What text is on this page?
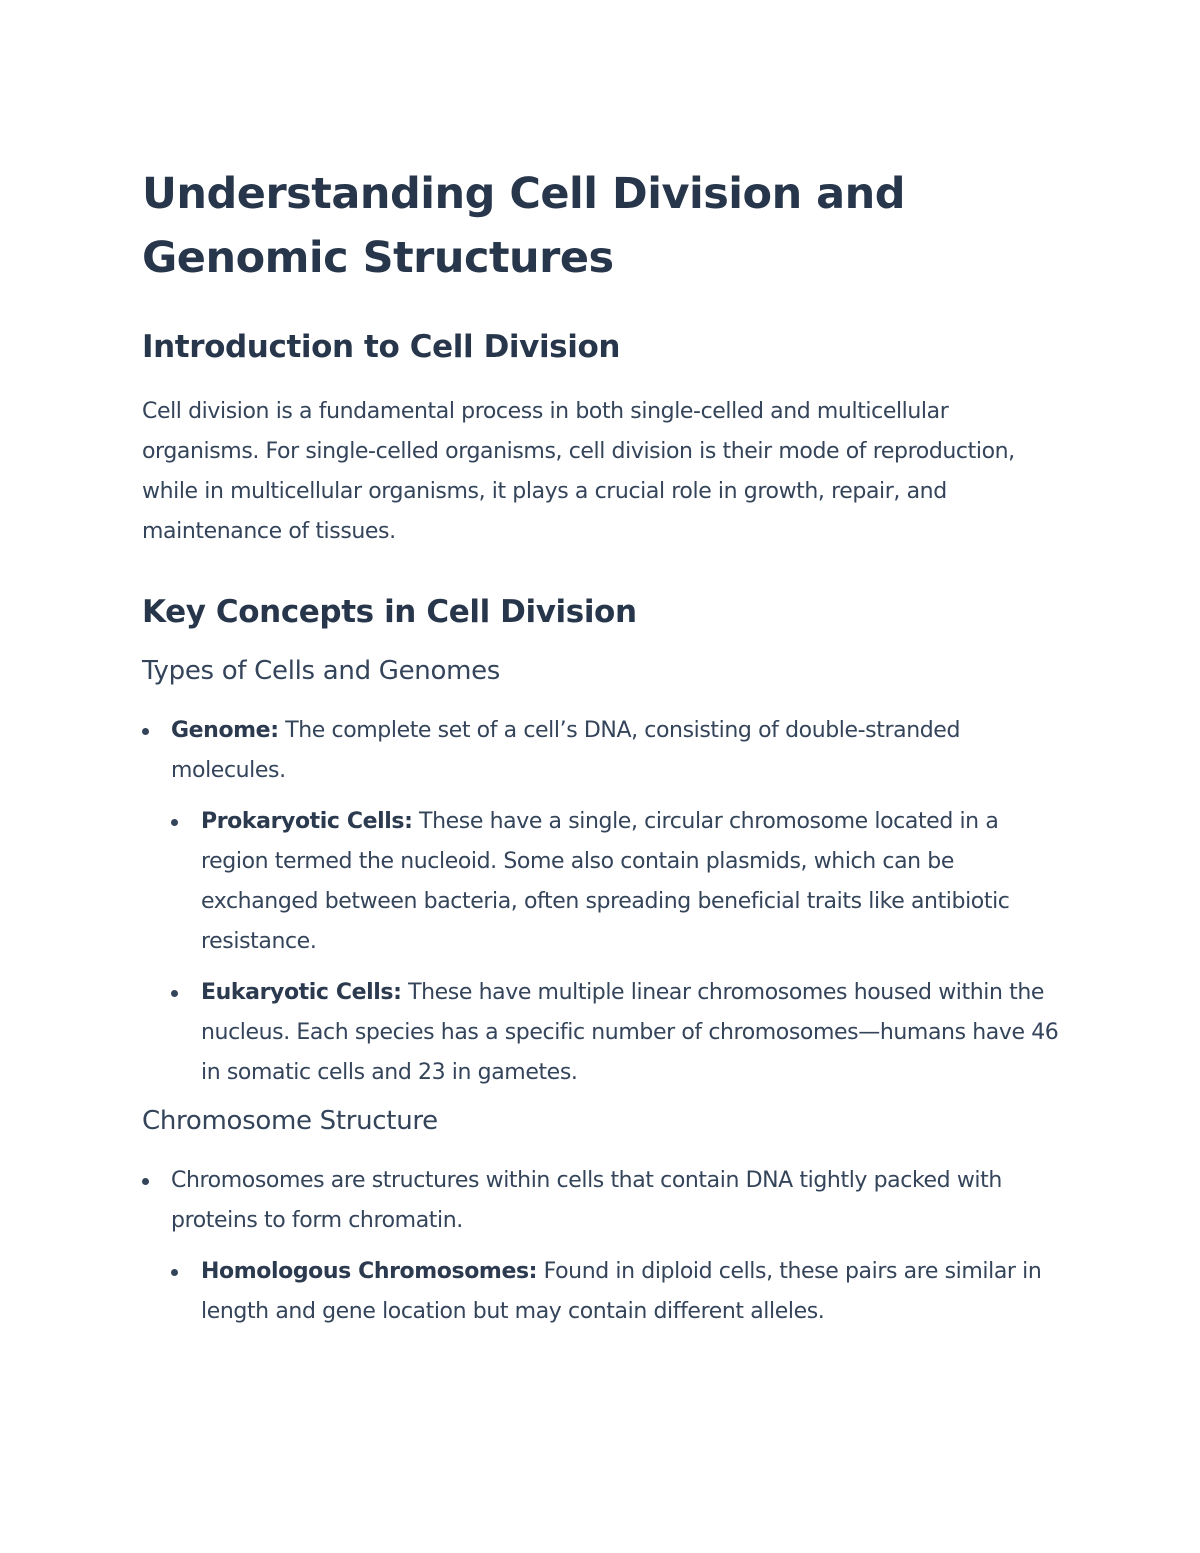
Understanding Cell Division and Genomic Structures
Introduction to Cell Division

Cell division is a fundamental process in both single-celled and multicellular organisms. For single-celled organisms, cell division is their mode of reproduction, while in multicellular organisms, it plays a crucial role in growth, repair, and maintenance of tissues.

Key Concepts in Cell Division
Types of Cells and Genomes
Genome: The complete set of a cell’s DNA, consisting of double-stranded molecules.
Prokaryotic Cells: These have a single, circular chromosome located in a region termed the nucleoid. Some also contain plasmids, which can be exchanged between bacteria, often spreading beneficial traits like antibiotic resistance.
Eukaryotic Cells: These have multiple linear chromosomes housed within the nucleus. Each species has a specific number of chromosomes—humans have 46 in somatic cells and 23 in gametes.
Chromosome Structure
Chromosomes are structures within cells that contain DNA tightly packed with proteins to form chromatin.
Homologous Chromosomes: Found in diploid cells, these pairs are similar in length and gene location but may contain different alleles.
